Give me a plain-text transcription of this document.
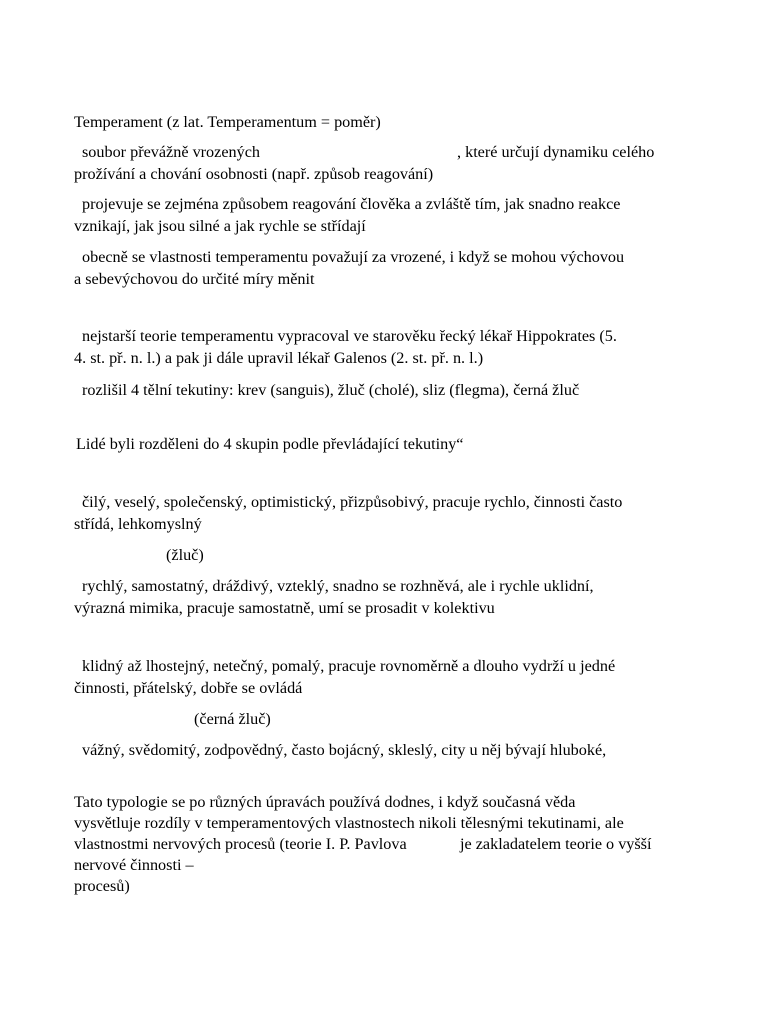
Temperament (z lat. Temperamentum = poměr)
soubor převážně vrozených	, které určují dynamiku celého
prožívání a chování osobnosti (např. způsob reagování)
projevuje se zejména způsobem reagování člověka a zvláště tím, jak snadno reakce
vznikají, jak jsou silné a jak rychle se střídají
obecně se vlastnosti temperamentu považují za vrozené, i když se mohou výchovou
a sebevýchovou do určité míry měnit
nejstarší teorie temperamentu vypracoval ve starověku řecký lékař Hippokrates (5.
4. st. př. n. l.) a pak ji dále upravil lékař Galenos (2. st. př. n. l.)
rozlišil 4 tělní tekutiny: krev (sanguis), žluč (cholé), sliz (flegma), černá žluč
Lidé byli rozděleni do 4 skupin podle převládající tekutiny“
čilý, veselý, společenský, optimistický, přizpůsobivý, pracuje rychlo, činnosti často
střídá, lehkomyslný
(žluč)
rychlý, samostatný, dráždivý, vzteklý, snadno se rozhněvá, ale i rychle uklidní,
výrazná mimika, pracuje samostatně, umí se prosadit v kolektivu
klidný až lhostejný, netečný, pomalý, pracuje rovnoměrně a dlouho vydrží u jedné
činnosti, přátelský, dobře se ovládá
(černá žluč)
vážný, svědomitý, zodpovědný, často bojácný, skleslý, city u něj bývají hluboké,
Tato typologie se po různých úpravách používá dodnes, i když současná věda
vysvětluje rozdíly v temperamentových vlastnostech nikoli tělesnými tekutinami, ale
vlastnostmi nervových procesů (teorie I. P. Pavlova	je zakladatelem teorie o vyšší
nervové činnosti –
procesů)
